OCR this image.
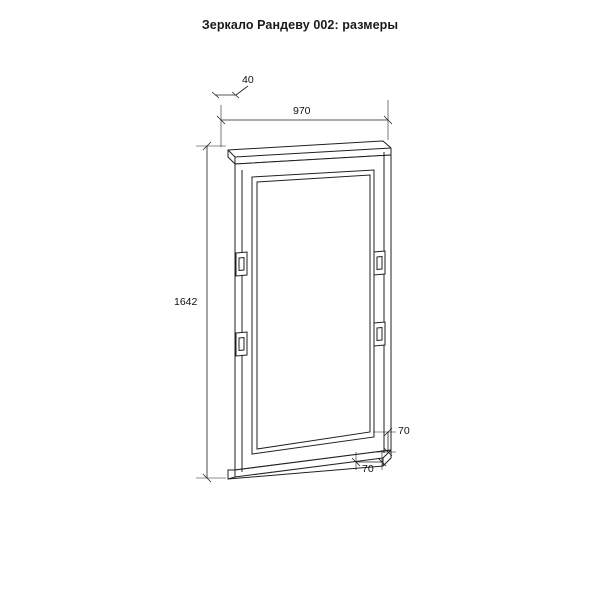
Зеркало Рандеву 002: размеры
40
970
1642
70
70
